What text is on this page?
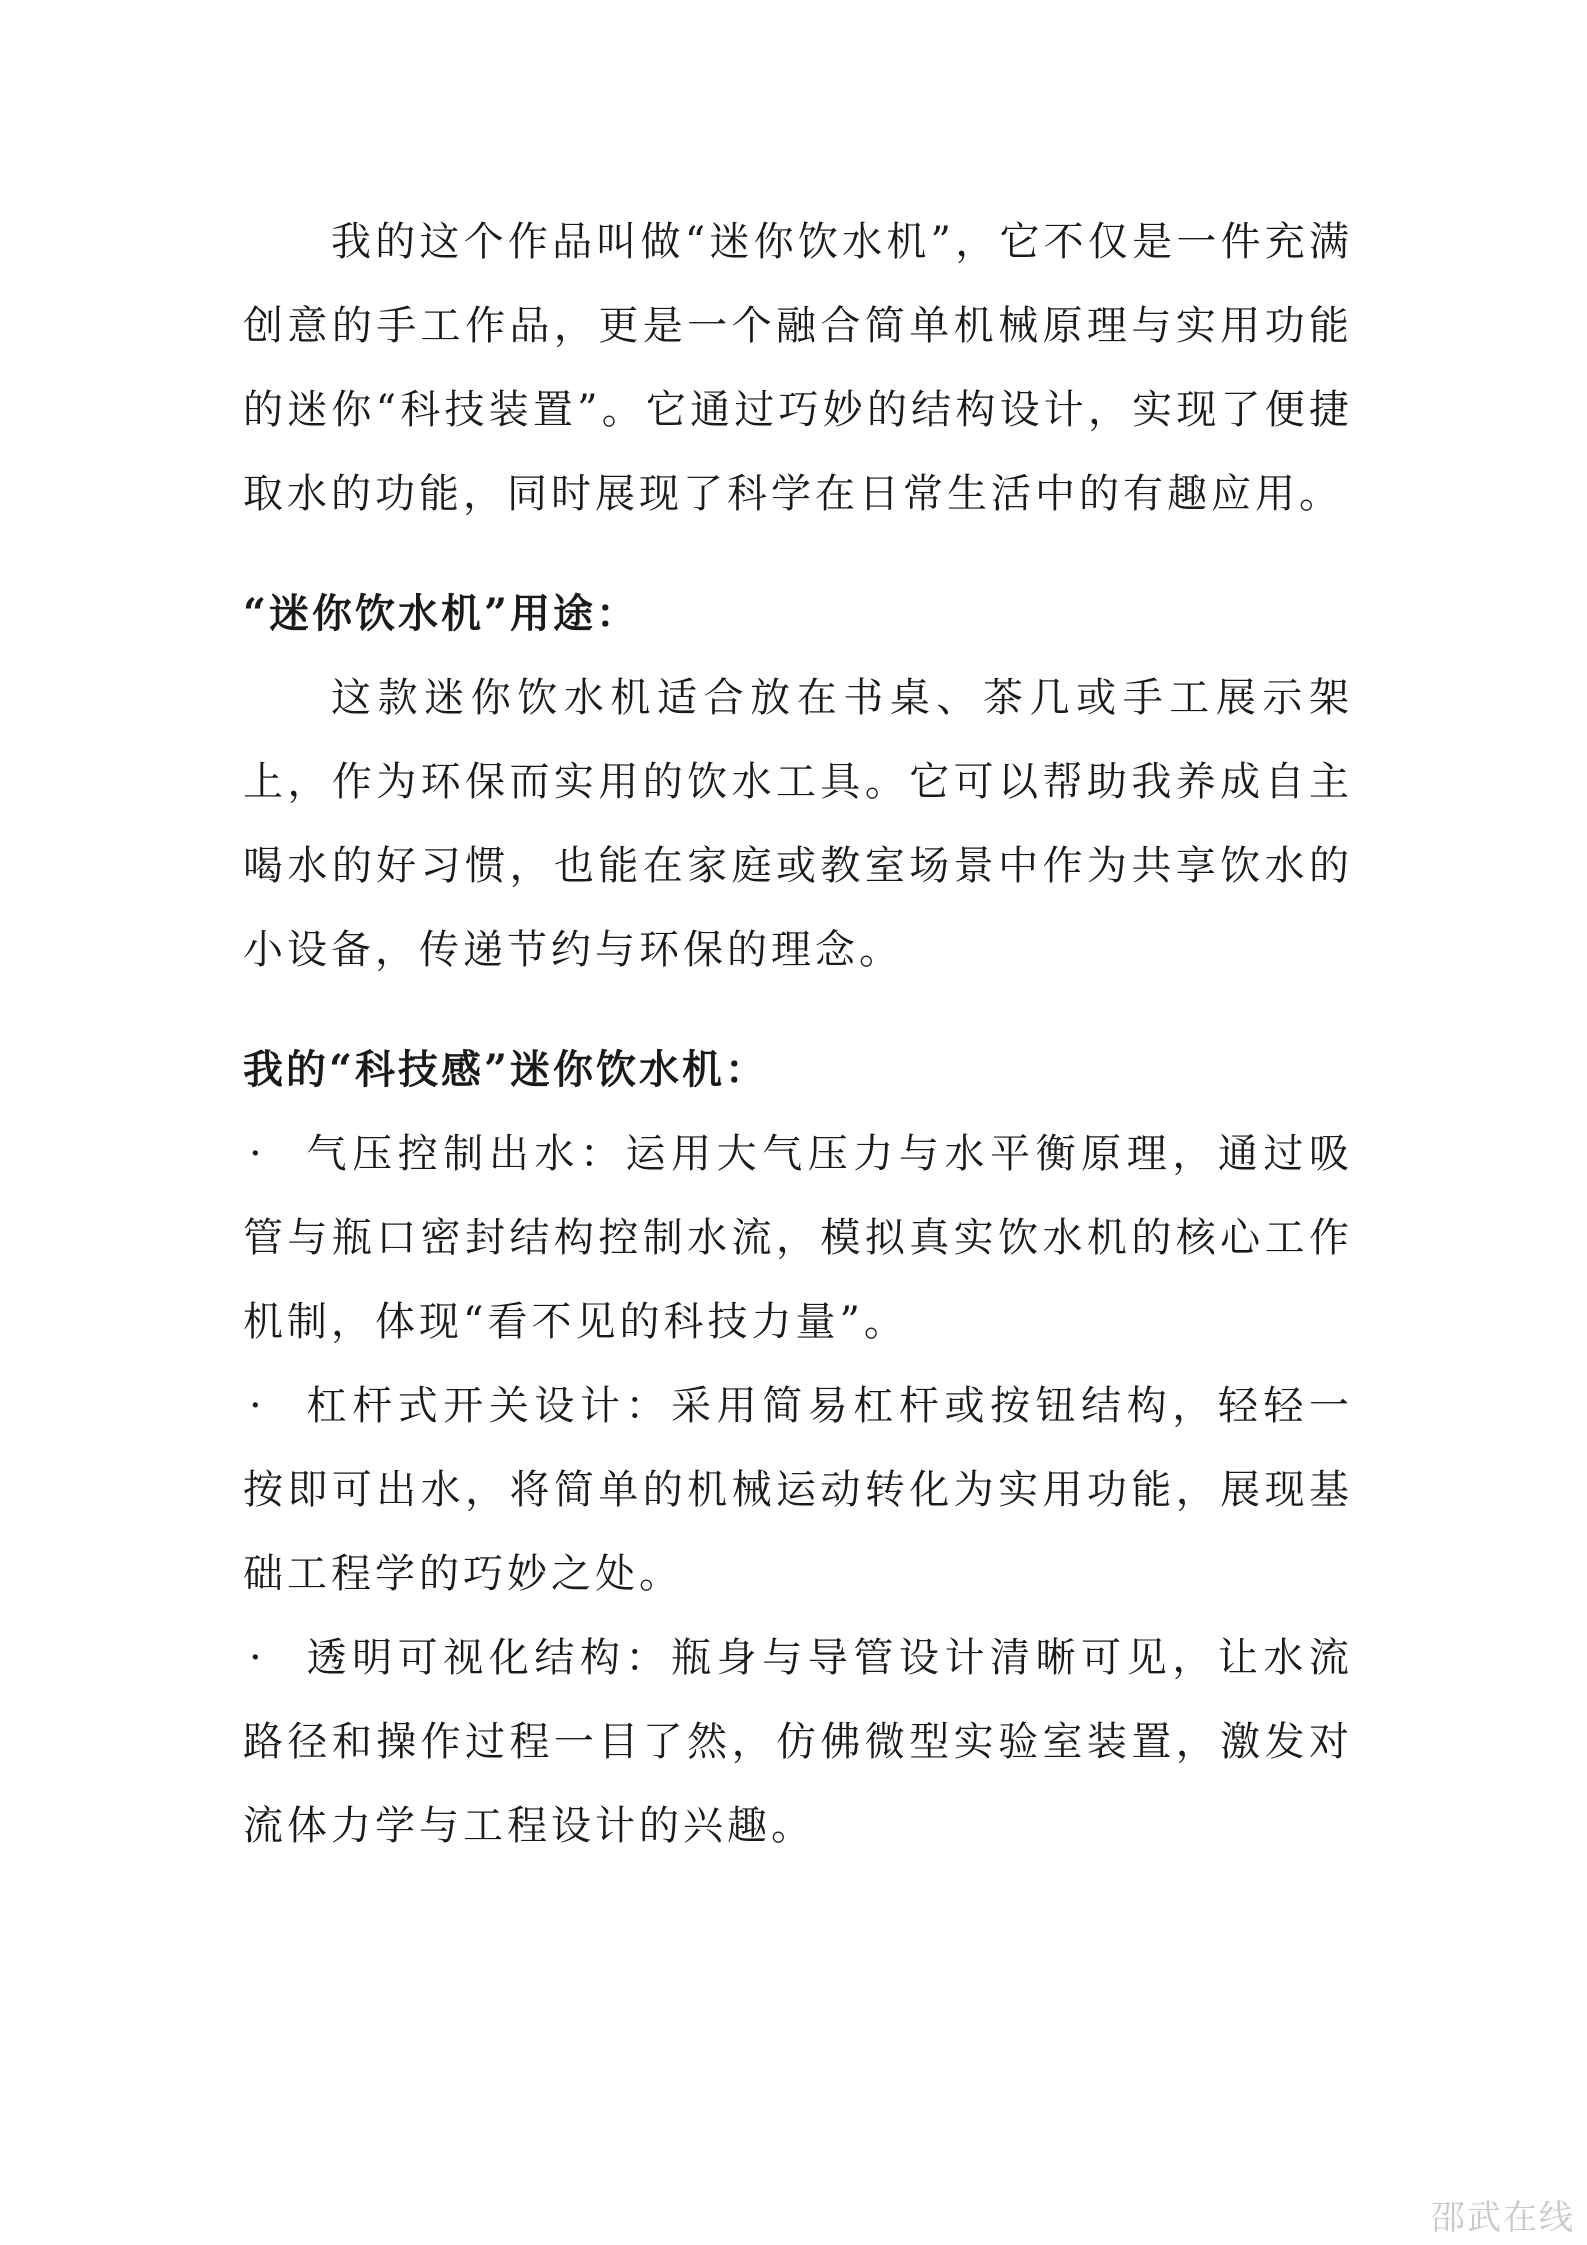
我的这个作品叫做“迷你饮水机”，它不仅是一件充满创意的手工作品，更是一个融合简单机械原理与实用功能的迷你“科技装置”。它通过巧妙的结构设计，实现了便捷取水的功能，同时展现了科学在日常生活中的有趣应用。

“迷你饮水机”用途：

这款迷你饮水机适合放在书桌、茶几或手工展示架上，作为环保而实用的饮水工具。它可以帮助我养成自主喝水的好习惯，也能在家庭或教室场景中作为共享饮水的小设备，传递节约与环保的理念。

我的“科技感”迷你饮水机：

· 气压控制出水：运用大气压力与水平衡原理，通过吸管与瓶口密封结构控制水流，模拟真实饮水机的核心工作机制，体现“看不见的科技力量”。

· 杠杆式开关设计：采用简易杠杆或按钮结构，轻轻一按即可出水，将简单的机械运动转化为实用功能，展现基础工程学的巧妙之处。

· 透明可视化结构：瓶身与导管设计清晰可见，让水流路径和操作过程一目了然，仿佛微型实验室装置，激发对流体力学与工程设计的兴趣。

邵武在线
